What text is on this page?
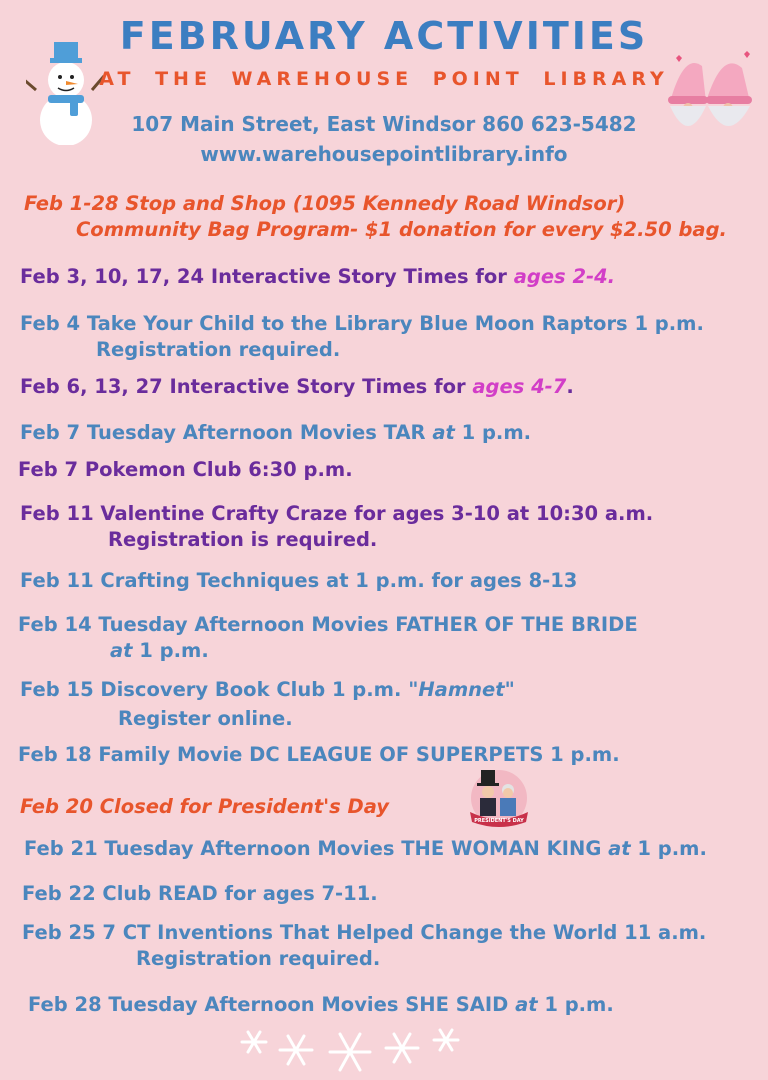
FEBRUARY ACTIVITIES
AT THE WAREHOUSE POINT LIBRARY
107 Main Street, East Windsor 860 623-5482
www.warehousepointlibrary.info
Feb 1-28 Stop and Shop (1095 Kennedy Road Windsor)
Community Bag Program- $1 donation for every $2.50 bag.
Feb 3, 10, 17, 24 Interactive Story Times for ages 2-4.
Feb 4 Take Your Child to the Library Blue Moon Raptors 1 p.m.
Registration required.
Feb 6, 13, 27 Interactive Story Times for ages 4-7.
Feb 7 Tuesday Afternoon Movies TAR at 1 p.m.
Feb 7 Pokemon Club 6:30 p.m.
Feb 11 Valentine Crafty Craze for ages 3-10 at 10:30 a.m.
Registration is required.
Feb 11 Crafting Techniques at 1 p.m. for ages 8-13
Feb 14 Tuesday Afternoon Movies FATHER OF THE BRIDE
at 1 p.m.
Feb 15 Discovery Book Club 1 p.m. "Hamnet"
Register online.
Feb 18 Family Movie DC LEAGUE OF SUPERPETS 1 p.m.
PRESIDENT'S DAY
Feb 20 Closed for President's Day
Feb 21 Tuesday Afternoon Movies THE WOMAN KING at 1 p.m.
Feb 22 Club READ for ages 7-11.
Feb 25 7 CT Inventions That Helped Change the World 11 a.m.
Registration required.
Feb 28 Tuesday Afternoon Movies SHE SAID at 1 p.m.
